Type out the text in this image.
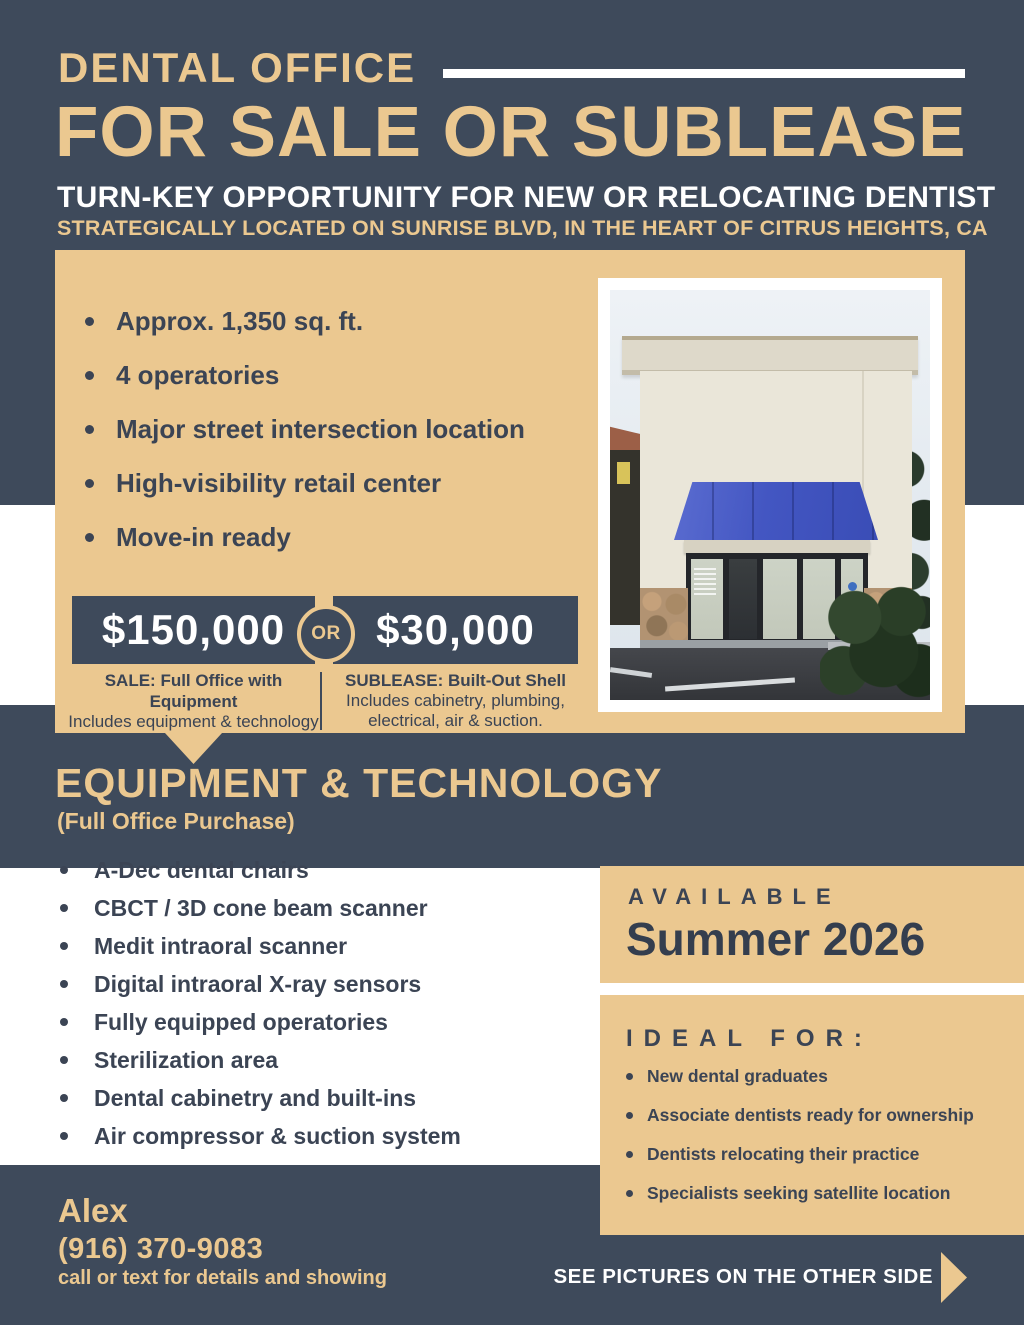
DENTAL OFFICE
FOR SALE OR SUBLEASE
TURN-KEY OPPORTUNITY FOR NEW OR RELOCATING DENTIST
STRATEGICALLY LOCATED ON SUNRISE BLVD, IN THE HEART OF CITRUS HEIGHTS, CA
Approx. 1,350 sq. ft.
4 operatories
Major street intersection location
High-visibility retail center
Move-in ready
$150,000 $30,000
OR
SALE: Full Office with Equipment
Includes equipment & technology
SUBLEASE: Built-Out Shell
Includes cabinetry, plumbing,
electrical, air & suction.
EQUIPMENT & TECHNOLOGY
(Full Office Purchase)
A-Dec dental chairs
CBCT / 3D cone beam scanner
Medit intraoral scanner
Digital intraoral X-ray sensors
Fully equipped operatories
Sterilization area
Dental cabinetry and built-ins
Air compressor & suction system
AVAILABLE
Summer 2026
IDEAL FOR:
New dental graduates
Associate dentists ready for ownership
Dentists relocating their practice
Specialists seeking satellite location
Alex
(916) 370-9083
call or text for details and showing	SEE PICTURES ON THE OTHER SIDE
